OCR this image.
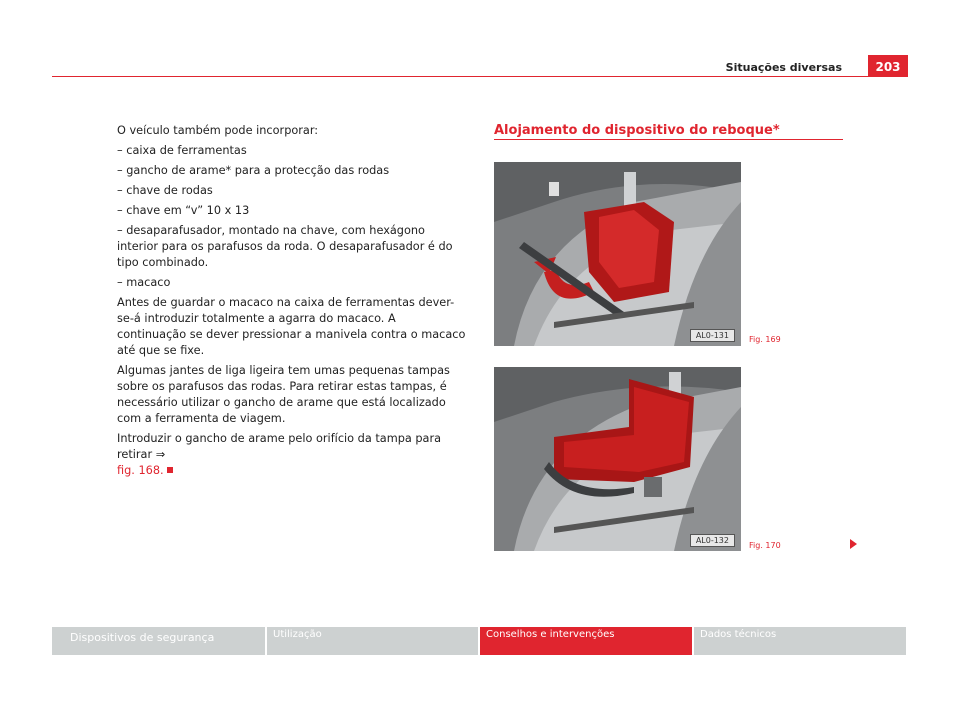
Situações diversas	203

O veículo também pode incorporar:

– caixa de ferramentas

– gancho de arame* para a protecção das rodas

– chave de rodas

– chave em “v” 10 x 13

– desaparafusador, montado na chave, com hexágono interior para os parafusos da roda. O desaparafusador é do tipo combinado.

– macaco

Antes de guardar o macaco na caixa de ferramentas dever-se-á introduzir totalmente a agarra do macaco. A continuação se dever pressionar a manivela contra o macaco até que se fixe.

Algumas jantes de liga ligeira tem umas pequenas tampas sobre os parafusos das rodas. Para retirar estas tampas, é necessário utilizar o gancho de arame que está localizado com a ferramenta de viagem.

Introduzir o gancho de arame pelo orifício da tampa para retirar ⇒
fig. 168.

Alojamento do dispositivo do reboque*
AL0-131	Fig. 169
AL0-132
Fig. 170
Dispositivos de segurança	Utilização	Conselhos e intervenções	Dados técnicos
